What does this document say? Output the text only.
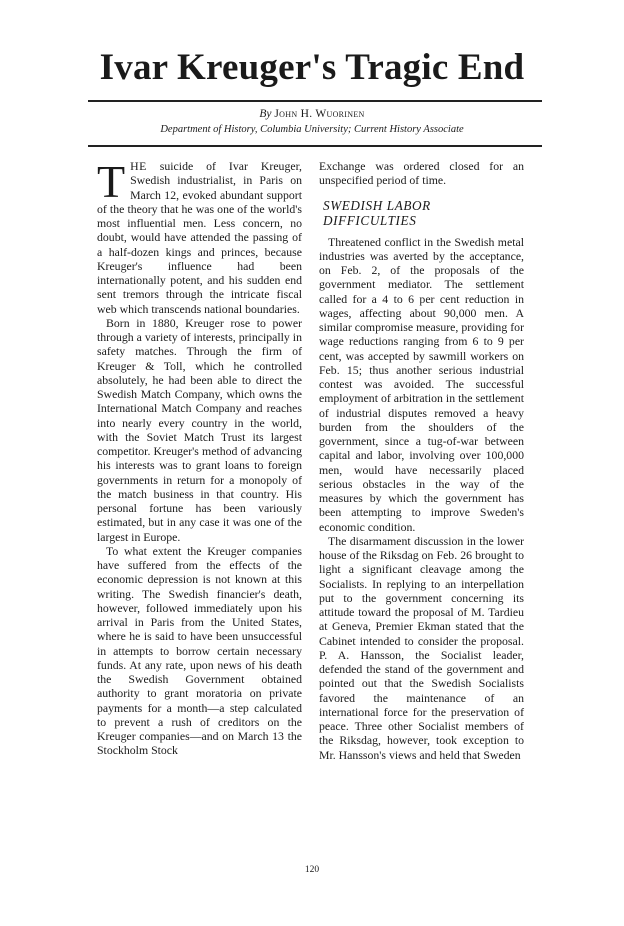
Ivar Kreuger's Tragic End
By John H. Wuorinen
Department of History, Columbia University; Current History Associate

THE suicide of Ivar Kreuger, Swedish industrialist, in Paris on March 12, evoked abundant support of the theory that he was one of the world's most influential men. Less concern, no doubt, would have attended the passing of a half-dozen kings and princes, because Kreuger's influence had been internationally potent, and his sudden end sent tremors through the intricate fiscal web which transcends national boundaries.

Born in 1880, Kreuger rose to power through a variety of interests, principally in safety matches. Through the firm of Kreuger & Toll, which he controlled absolutely, he had been able to direct the Swedish Match Company, which owns the International Match Company and reaches into nearly every country in the world, with the Soviet Match Trust its largest competitor. Kreuger's method of advancing his interests was to grant loans to foreign governments in return for a monopoly of the match business in that country. His personal fortune has been variously estimated, but in any case it was one of the largest in Europe.

To what extent the Kreuger companies have suffered from the effects of the economic depression is not known at this writing. The Swedish financier's death, however, followed immediately upon his arrival in Paris from the United States, where he is said to have been unsuccessful in attempts to borrow certain necessary funds. At any rate, upon news of his death the Swedish Government obtained authority to grant moratoria on private payments for a month—a step calculated to prevent a rush of creditors on the Kreuger companies—and on March 13 the Stockholm Stock

Exchange was ordered closed for an unspecified period of time.

SWEDISH LABOR DIFFICULTIES

Threatened conflict in the Swedish metal industries was averted by the acceptance, on Feb. 2, of the proposals of the government mediator. The settlement called for a 4 to 6 per cent reduction in wages, affecting about 90,000 men. A similar compromise measure, providing for wage reductions ranging from 6 to 9 per cent, was accepted by sawmill workers on Feb. 15; thus another serious industrial contest was avoided. The successful employment of arbitration in the settlement of industrial disputes removed a heavy burden from the shoulders of the government, since a tug-of-war between capital and labor, involving over 100,000 men, would have necessarily placed serious obstacles in the way of the measures by which the government has been attempting to improve Sweden's economic condition.

The disarmament discussion in the lower house of the Riksdag on Feb. 26 brought to light a significant cleavage among the Socialists. In replying to an interpellation put to the government concerning its attitude toward the proposal of M. Tardieu at Geneva, Premier Ekman stated that the Cabinet intended to consider the proposal. P. A. Hansson, the Socialist leader, defended the stand of the government and pointed out that the Swedish Socialists favored the maintenance of an international force for the preservation of peace. Three other Socialist members of the Riksdag, however, took exception to Mr. Hansson's views and held that Sweden

120
